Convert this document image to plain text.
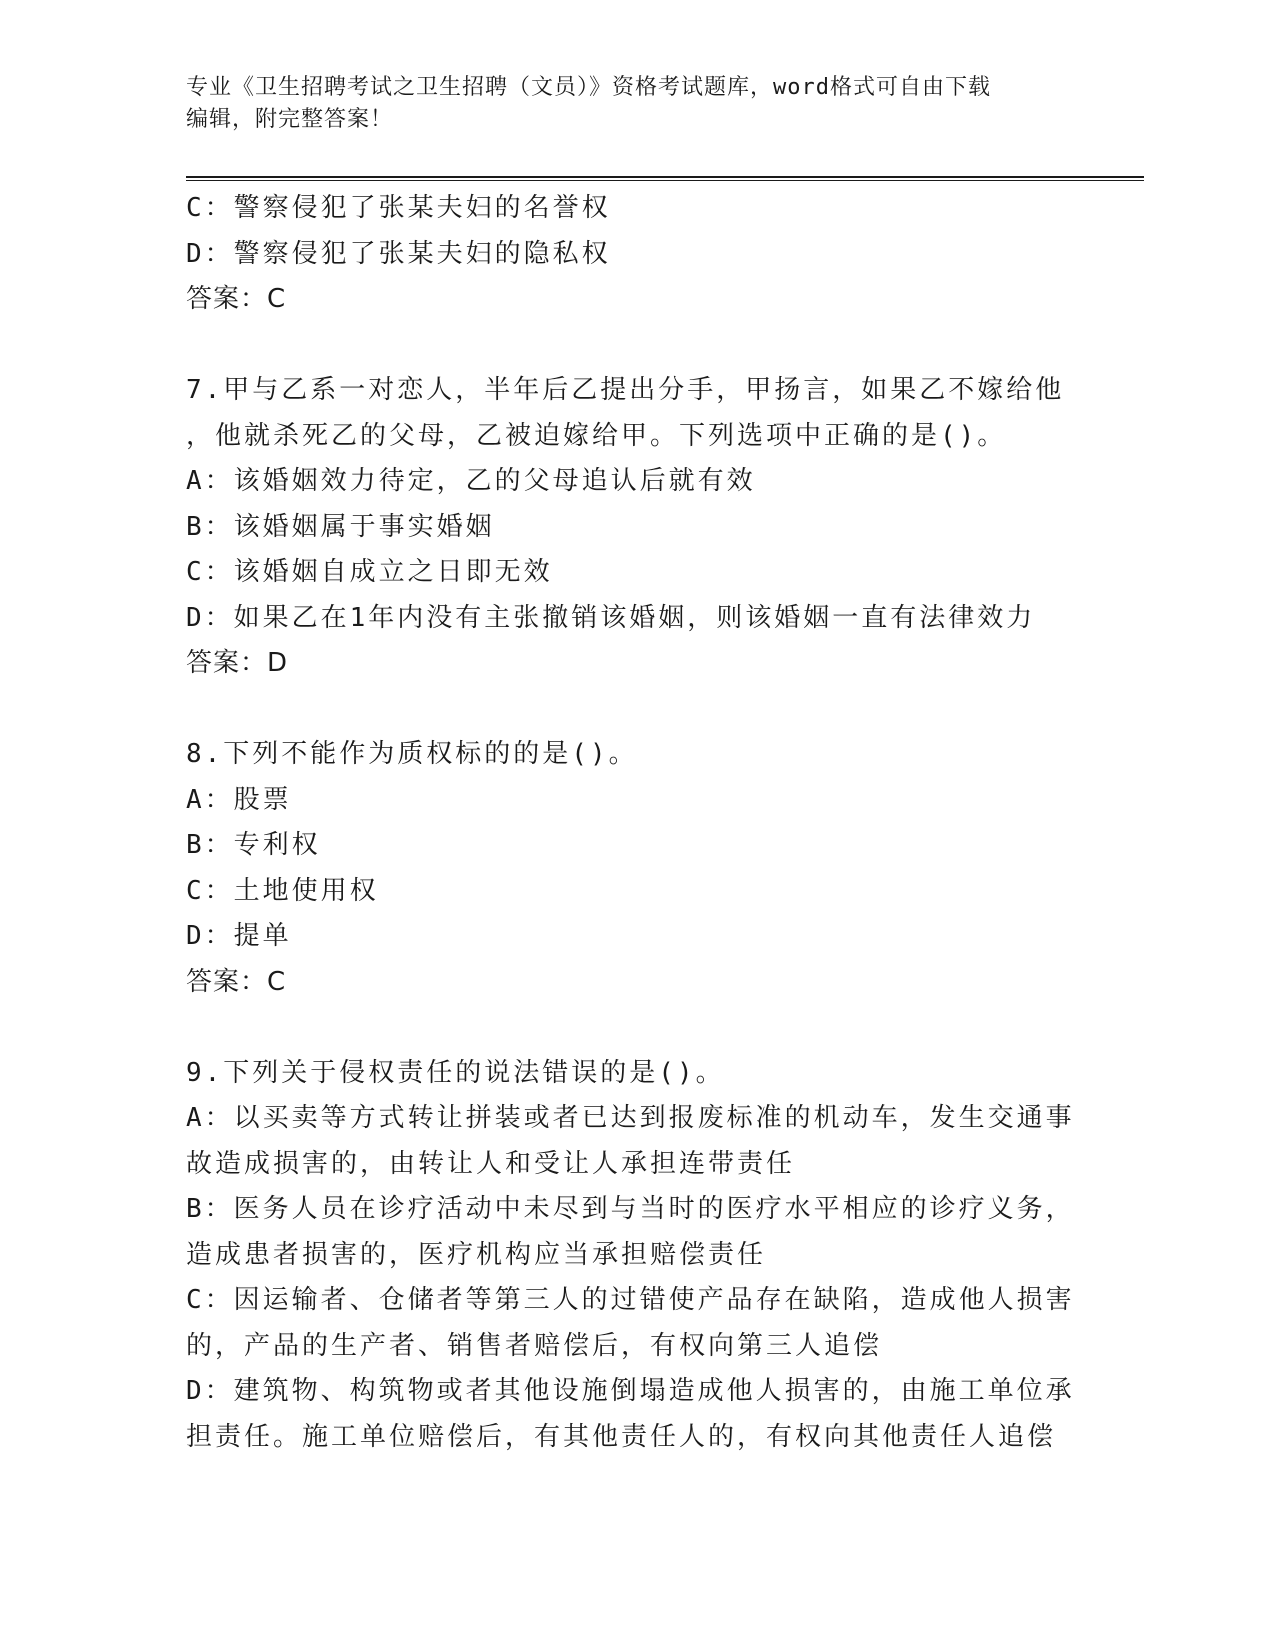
专业《卫生招聘考试之卫生招聘（文员）》资格考试题库，word格式可自由下载
编辑，附完整答案！
C：警察侵犯了张某夫妇的名誉权
D：警察侵犯了张某夫妇的隐私权
答案：C
7.甲与乙系一对恋人，半年后乙提出分手，甲扬言，如果乙不嫁给他
，他就杀死乙的父母，乙被迫嫁给甲。下列选项中正确的是()。
A：该婚姻效力待定，乙的父母追认后就有效
B：该婚姻属于事实婚姻
C：该婚姻自成立之日即无效
D：如果乙在1年内没有主张撤销该婚姻，则该婚姻一直有法律效力
答案：D
8.下列不能作为质权标的的是()。
A：股票
B：专利权
C：土地使用权
D：提单
答案：C
9.下列关于侵权责任的说法错误的是()。
A：以买卖等方式转让拼装或者已达到报废标准的机动车，发生交通事
故造成损害的，由转让人和受让人承担连带责任
B：医务人员在诊疗活动中未尽到与当时的医疗水平相应的诊疗义务，
造成患者损害的，医疗机构应当承担赔偿责任
C：因运输者、仓储者等第三人的过错使产品存在缺陷，造成他人损害
的，产品的生产者、销售者赔偿后，有权向第三人追偿
D：建筑物、构筑物或者其他设施倒塌造成他人损害的，由施工单位承
担责任。施工单位赔偿后，有其他责任人的，有权向其他责任人追偿
